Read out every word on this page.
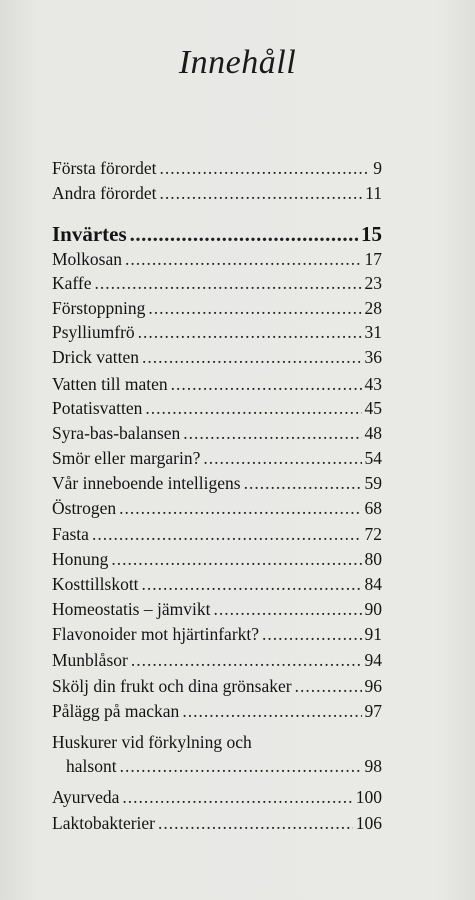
Innehåll
Första förordet .....	9
Andra förordet .....	11
Invärtes .....	15
Molkosan .....	17
Kaffe .....	23
Förstoppning .....	28
Psylliumfrö .....	31
Drick vatten .....	36
Vatten till maten .....	43
Potatisvatten .....	45
Syra-bas-balansen .....	48
Smör eller margarin? .....	54
Vår inneboende intelligens .....	59
Östrogen .....	68
Fasta .....	72
Honung .....	80
Kosttillskott .....	84
Homeostatis – jämvikt .....	90
Flavonoider mot hjärtinfarkt? .....	91
Munblåsor .....	94
Skölj din frukt och dina grönsaker .....	96
Pålägg på mackan .....	97
Huskurer vid förkylning och
halsont .....	98
Ayurveda .....	100
Laktobakterier .....	106
